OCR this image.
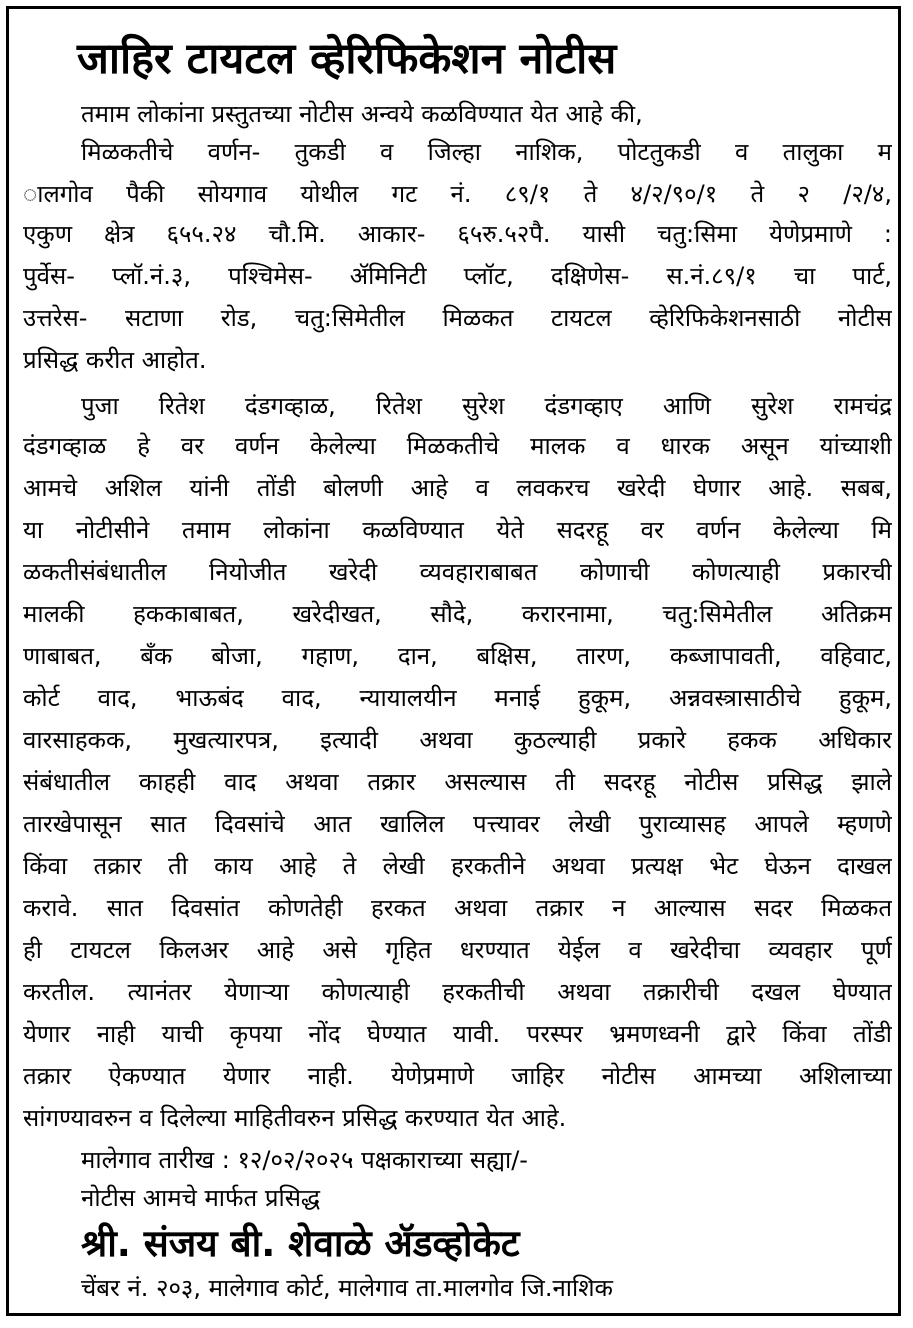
जाहिर टायटल व्हेरिफिकेशन नोटीस
तमाम लोकांना प्रस्तुतच्या नोटीस अन्वये कळविण्यात येत आहे की,
मिळकतीचे वर्णन- तुकडी व जिल्हा नाशिक, पोटतुकडी व तालुका म
ालगोव पैकी सोयगाव योथील गट नं. ८९/१ ते ४/२/९०/१ ते २ /२/४,
एकुण क्षेत्र ६५५.२४ चौ.मि. आकार- ६५रु.५२पै. यासी चतु:सिमा येणेप्रमाणे :
पुर्वेस- प्लॉ.नं.३, पश्चिमेस- ॲमिनिटी प्लॉट, दक्षिणेस- स.नं.८९/१ चा पार्ट,
उत्तरेस- सटाणा रोड, चतु:सिमेतील मिळकत टायटल व्हेरिफिकेशनसाठी नोटीस
प्रसिद्ध करीत आहोत.
पुजा रितेश दंडगव्हाळ, रितेश सुरेश दंडगव्हाए आणि सुरेश रामचंद्र
दंडगव्हाळ हे वर वर्णन केलेल्या मिळकतीचे मालक व धारक असून यांच्याशी
आमचे अशिल यांनी तोंडी बोलणी आहे व लवकरच खरेदी घेणार आहे. सबब,
या नोटीसीने तमाम लोकांना कळविण्यात येते सदरहू वर वर्णन केलेल्या मि
ळकतीसंबंधातील नियोजीत खरेदी व्यवहाराबाबत कोणाची कोणत्याही प्रकारची
मालकी हककाबाबत, खरेदीखत, सौदे, करारनामा, चतु:सिमेतील अतिक्रम
णाबाबत, बँक बोजा, गहाण, दान, बक्षिस, तारण, कब्जापावती, वहिवाट,
कोर्ट वाद, भाऊबंद वाद, न्यायालयीन मनाई हुकूम, अन्नवस्त्रासाठीचे हुकूम,
वारसाहकक, मुखत्यारपत्र, इत्यादी अथवा कुठल्याही प्रकारे हकक अधिकार
संबंधातील काहही वाद अथवा तक्रार असल्यास ती सदरहू नोटीस प्रसिद्ध झाले
तारखेपासून सात दिवसांचे आत खालिल पत्त्यावर लेखी पुराव्यासह आपले म्हणणे
किंवा तक्रार ती काय आहे ते लेखी हरकतीने अथवा प्रत्यक्ष भेट घेऊन दाखल
करावे. सात दिवसांत कोणतेही हरकत अथवा तक्रार न आल्यास सदर मिळकत
ही टायटल किलअर आहे असे गृहित धरण्यात येईल व खरेदीचा व्यवहार पूर्ण
करतील. त्यानंतर येणाऱ्या कोणत्याही हरकतीची अथवा तक्रारीची दखल घेण्यात
येणार नाही याची कृपया नोंद घेण्यात यावी. परस्पर भ्रमणध्वनी द्वारे किंवा तोंडी
तक्रार ऐकण्यात येणार नाही. येणेप्रमाणे जाहिर नोटीस आमच्या अशिलाच्या
सांगण्यावरुन व दिलेल्या माहितीवरुन प्रसिद्ध करण्यात येत आहे.
मालेगाव तारीख : १२/०२/२०२५ पक्षकाराच्या सह्या/-
नोटीस आमचे मार्फत प्रसिद्ध
श्री. संजय बी. शेवाळे ॲडव्होकेट
चेंबर नं. २०३, मालेगाव कोर्ट, मालेगाव ता.मालगोव जि.नाशिक
